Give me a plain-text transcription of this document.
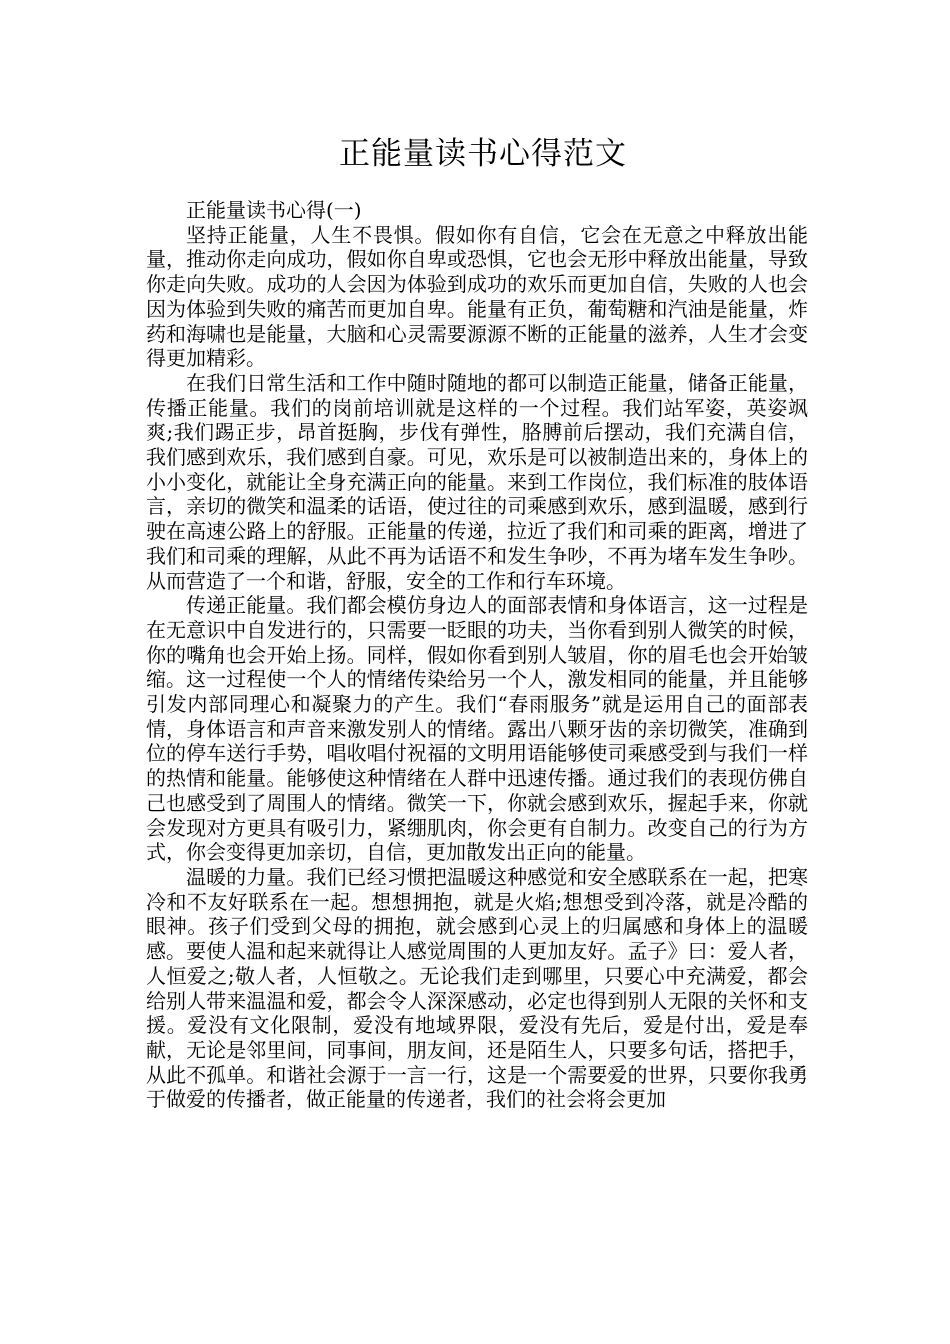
正能量读书心得范文

正能量读书心得(一)

坚持正能量，人生不畏惧。假如你有自信，它会在无意之中释放出能量，推动你走向成功，假如你自卑或恐惧，它也会无形中释放出能量，导致你走向失败。成功的人会因为体验到成功的欢乐而更加自信，失败的人也会因为体验到失败的痛苦而更加自卑。能量有正负，葡萄糖和汽油是能量，炸药和海啸也是能量，大脑和心灵需要源源不断的正能量的滋养，人生才会变得更加精彩。

在我们日常生活和工作中随时随地的都可以制造正能量，储备正能量，传播正能量。我们的岗前培训就是这样的一个过程。我们站军姿，英姿飒爽;我们踢正步，昂首挺胸，步伐有弹性，胳膊前后摆动，我们充满自信，我们感到欢乐，我们感到自豪。可见，欢乐是可以被制造出来的，身体上的小小变化，就能让全身充满正向的能量。来到工作岗位，我们标准的肢体语言，亲切的微笑和温柔的话语，使过往的司乘感到欢乐，感到温暖，感到行驶在高速公路上的舒服。正能量的传递，拉近了我们和司乘的距离，增进了我们和司乘的理解，从此不再为话语不和发生争吵，不再为堵车发生争吵。从而营造了一个和谐，舒服，安全的工作和行车环境。

传递正能量。我们都会模仿身边人的面部表情和身体语言，这一过程是在无意识中自发进行的，只需要一眨眼的功夫，当你看到别人微笑的时候，你的嘴角也会开始上扬。同样，假如你看到别人皱眉，你的眉毛也会开始皱缩。这一过程使一个人的情绪传染给另一个人，激发相同的能量，并且能够引发内部同理心和凝聚力的产生。我们“春雨服务”就是运用自己的面部表情，身体语言和声音来激发别人的情绪。露出八颗牙齿的亲切微笑，准确到位的停车送行手势，唱收唱付祝福的文明用语能够使司乘感受到与我们一样的热情和能量。能够使这种情绪在人群中迅速传播。通过我们的表现仿佛自己也感受到了周围人的情绪。微笑一下，你就会感到欢乐，握起手来，你就会发现对方更具有吸引力，紧绷肌肉，你会更有自制力。改变自己的行为方式，你会变得更加亲切，自信，更加散发出正向的能量。

温暖的力量。我们已经习惯把温暖这种感觉和安全感联系在一起，把寒冷和不友好联系在一起。想想拥抱，就是火焰;想想受到冷落，就是冷酷的眼神。孩子们受到父母的拥抱，就会感到心灵上的归属感和身体上的温暖感。要使人温和起来就得让人感觉周围的人更加友好。孟子》曰：爱人者，人恒爱之;敬人者，人恒敬之。无论我们走到哪里，只要心中充满爱，都会给别人带来温温和爱，都会令人深深感动，必定也得到别人无限的关怀和支援。爱没有文化限制，爱没有地域界限，爱没有先后，爱是付出，爱是奉献，无论是邻里间，同事间，朋友间，还是陌生人，只要多句话，搭把手，从此不孤单。和谐社会源于一言一行，这是一个需要爱的世界，只要你我勇于做爱的传播者，做正能量的传递者，我们的社会将会更加
